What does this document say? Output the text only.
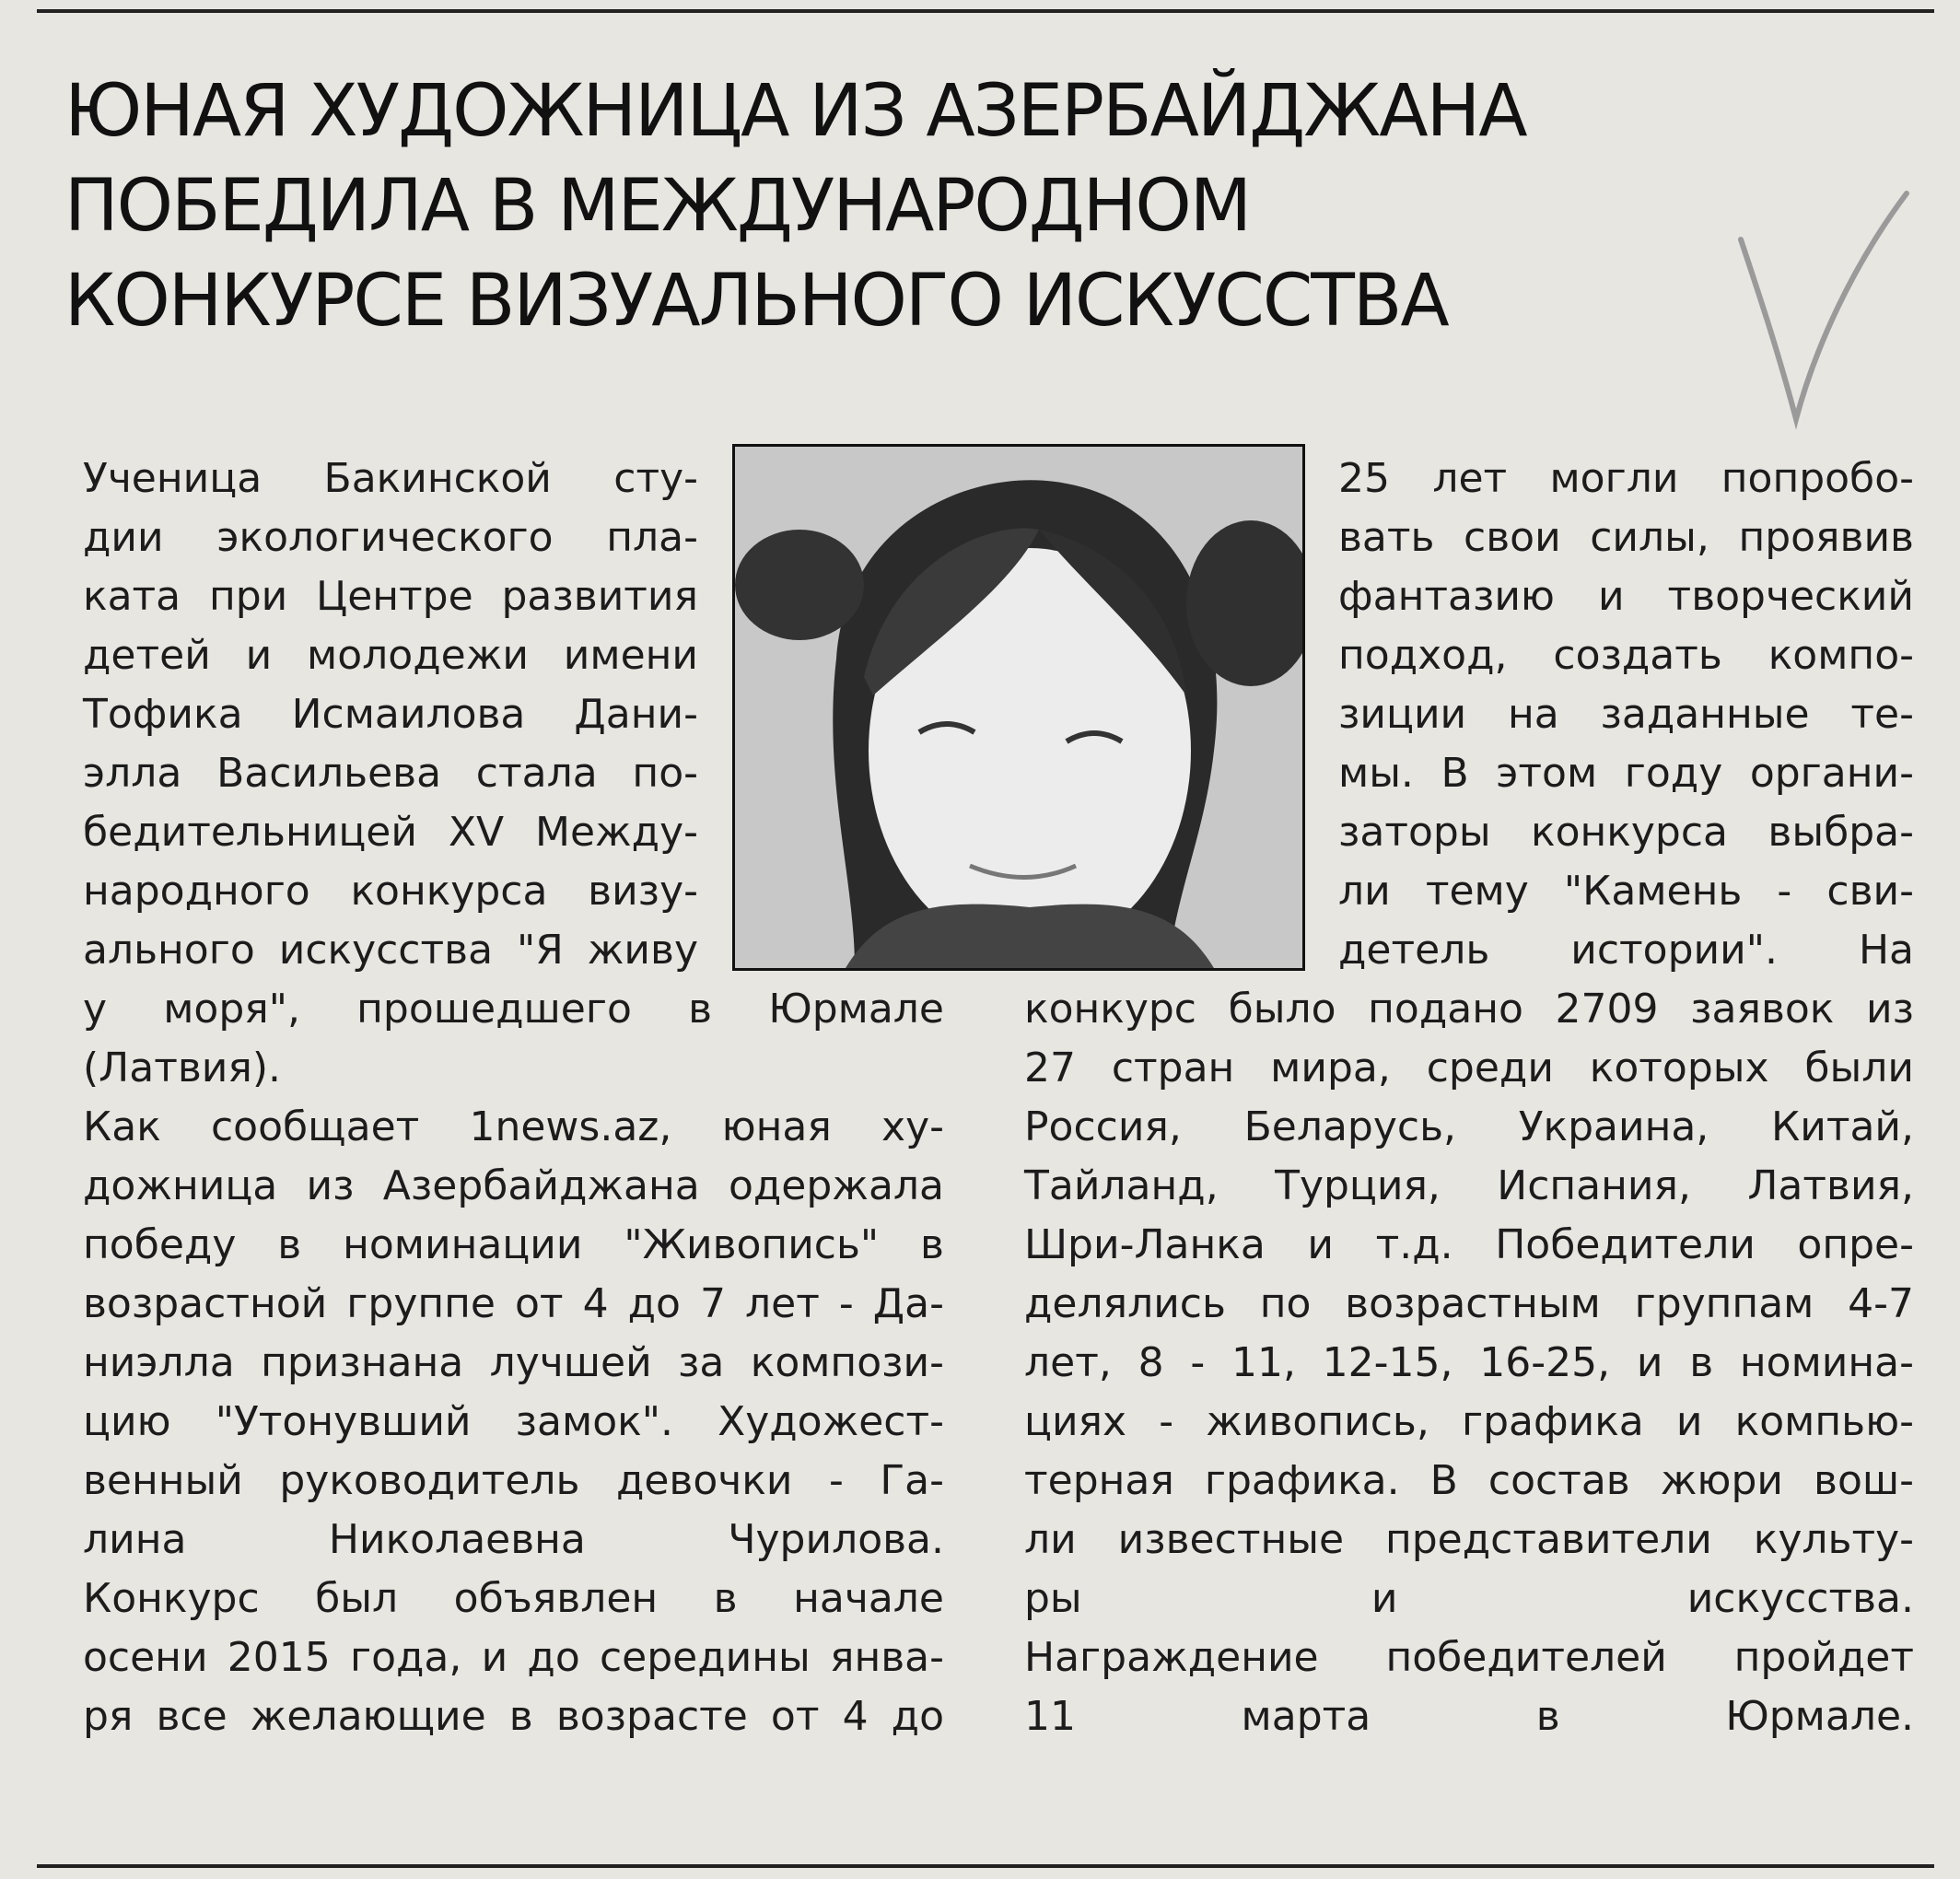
ЮНАЯ ХУДОЖНИЦА ИЗ АЗЕРБАЙДЖАНА
ПОБЕДИЛА В МЕЖДУНАРОДНОМ
КОНКУРСЕ ВИЗУАЛЬНОГО ИСКУССТВА
Ученица Бакинской сту-
дии экологического пла-
ката при Центре развития
детей и молодежи имени
Тофика Исмаилова Дани-
элла Васильева стала по-
бедительницей XV Между-
народного конкурса визу-
ального искусства "Я живу
25 лет могли попробо-
вать свои силы, проявив
фантазию и творческий
подход, создать компо-
зиции на заданные те-
мы. В этом году органи-
заторы конкурса выбра-
ли тему "Камень - сви-
детель истории". На
у моря", прошедшего в Юрмале
(Латвия).
Как сообщает 1news.az, юная ху-
дожница из Азербайджана одержала
победу в номинации "Живопись" в
возрастной группе от 4 до 7 лет - Да-
ниэлла признана лучшей за компози-
цию "Утонувший замок". Художест-
венный руководитель девочки - Га-
лина Николаевна Чурилова.
Конкурс был объявлен в начале
осени 2015 года, и до середины янва-
ря все желающие в возрасте от 4 до
конкурс было подано 2709 заявок из
27 стран мира, среди которых были
Россия, Беларусь, Украина, Китай,
Тайланд, Турция, Испания, Латвия,
Шри-Ланка и т.д. Победители опре-
делялись по возрастным группам 4-7
лет, 8 - 11, 12-15, 16-25, и в номина-
циях - живопись, графика и компью-
терная графика. В состав жюри вош-
ли известные представители культу-
ры и искусства.
Награждение победителей пройдет
11 марта в Юрмале.
